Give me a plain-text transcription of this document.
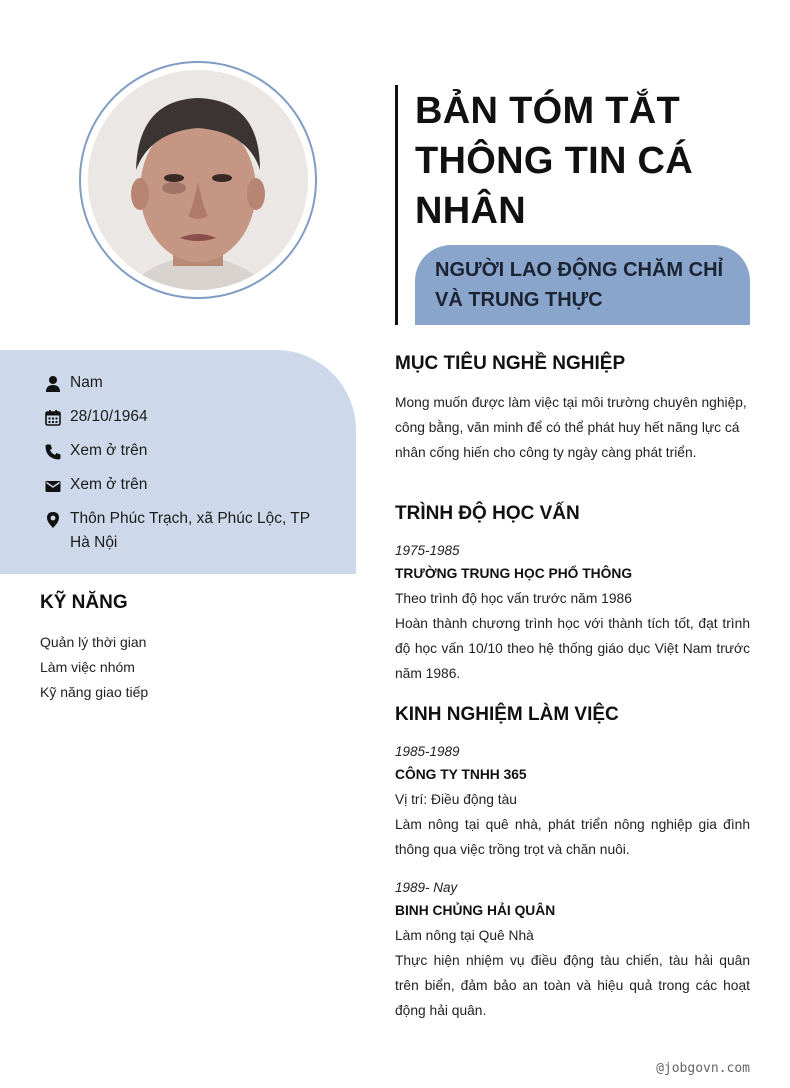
Nam
28/10/1964
Xem ở trên
Xem ở trên
Thôn Phúc Trạch, xã Phúc Lộc, TP Hà Nội
KỸ NĂNG
Quản lý thời gian
Làm việc nhóm
Kỹ năng giao tiếp
BẢN TÓM TẮT THÔNG TIN CÁ NHÂN
NGƯỜI LAO ĐỘNG CHĂM CHỈ VÀ TRUNG THỰC
MỤC TIÊU NGHỀ NGHIỆP
Mong muốn được làm việc tại môi trường chuyên nghiệp, công bằng, văn minh để có thể phát huy hết năng lực cá nhân cống hiến cho công ty ngày càng phát triển.
TRÌNH ĐỘ HỌC VẤN
1975-1985
TRƯỜNG TRUNG HỌC PHỔ THÔNG
Theo trình độ học vấn trước năm 1986
Hoàn thành chương trình học với thành tích tốt, đạt trình độ học vấn 10/10 theo hệ thống giáo dục Việt Nam trước năm 1986.
KINH NGHIỆM LÀM VIỆC
1985-1989
CÔNG TY TNHH 365
Vị trí: Điều động tàu
Làm nông tại quê nhà, phát triển nông nghiệp gia đình thông qua việc trồng trọt và chăn nuôi.
1989- Nay
BINH CHỦNG HẢI QUÂN
Làm nông tại Quê Nhà
Thực hiện nhiệm vụ điều động tàu chiến, tàu hải quân trên biển, đảm bảo an toàn và hiệu quả trong các hoạt động hải quân.
@jobgovn.com
